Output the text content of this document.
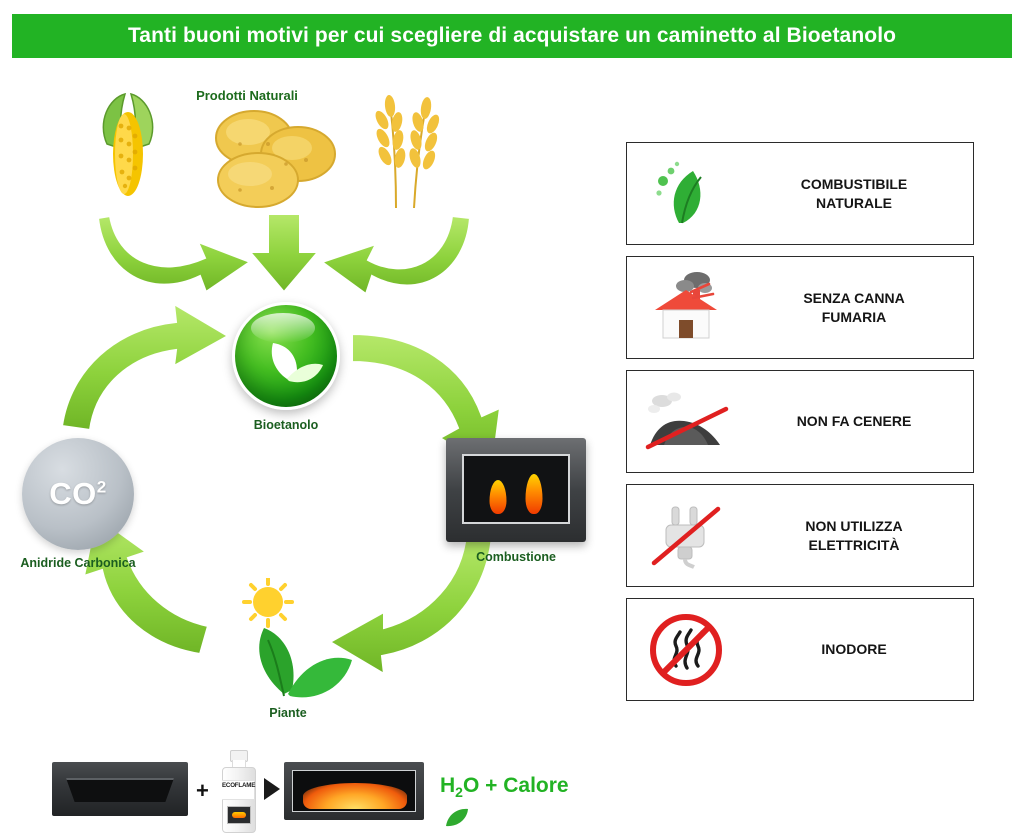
Tanti buoni motivi per cui scegliere di acquistare un caminetto al Bioetanolo
Prodotti Naturali
Bioetanolo
$CO^2$
Anidride Carbonica	Combustione
Piante
+ ECOFLAME	$H_2O$ + Calore
COMBUSTIBILE
NATURALE
SENZA CANNA
FUMARIA
NON FA CENERE
NON UTILIZZA
ELETTRICITÀ
INODORE
